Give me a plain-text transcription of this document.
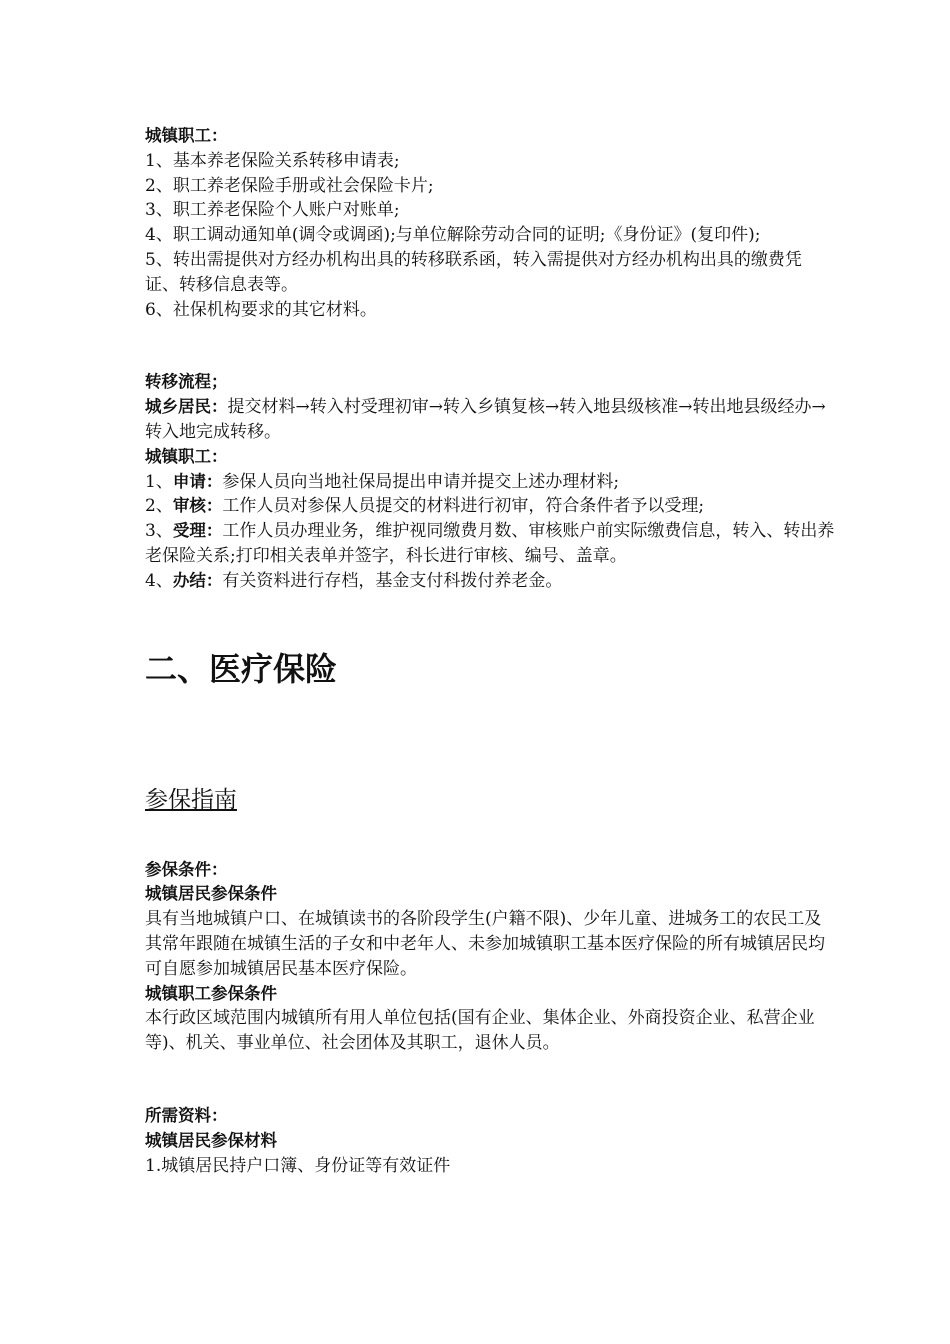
城镇职工：

1、基本养老保险关系转移申请表;

2、职工养老保险手册或社会保险卡片;

3、职工养老保险个人账户对账单;

4、职工调动通知单(调令或调函);与单位解除劳动合同的证明;《身份证》(复印件);

5、转出需提供对方经办机构出具的转移联系函，转入需提供对方经办机构出具的缴费凭证、转移信息表等。

6、社保机构要求的其它材料。

转移流程；

城乡居民：提交材料→转入村受理初审→转入乡镇复核→转入地县级核准→转出地县级经办→转入地完成转移。

城镇职工：

1、申请：参保人员向当地社保局提出申请并提交上述办理材料;

2、审核：工作人员对参保人员提交的材料进行初审，符合条件者予以受理;

3、受理：工作人员办理业务，维护视同缴费月数、审核账户前实际缴费信息，转入、转出养老保险关系;打印相关表单并签字，科长进行审核、编号、盖章。

4、办结：有关资料进行存档，基金支付科拨付养老金。

二、医疗保险

参保指南

参保条件：

城镇居民参保条件

具有当地城镇户口、在城镇读书的各阶段学生(户籍不限)、少年儿童、进城务工的农民工及其常年跟随在城镇生活的子女和中老年人、未参加城镇职工基本医疗保险的所有城镇居民均可自愿参加城镇居民基本医疗保险。

城镇职工参保条件

本行政区域范围内城镇所有用人单位包括(国有企业、集体企业、外商投资企业、私营企业等)、机关、事业单位、社会团体及其职工，退休人员。

所需资料：

城镇居民参保材料

1.城镇居民持户口簿、身份证等有效证件
